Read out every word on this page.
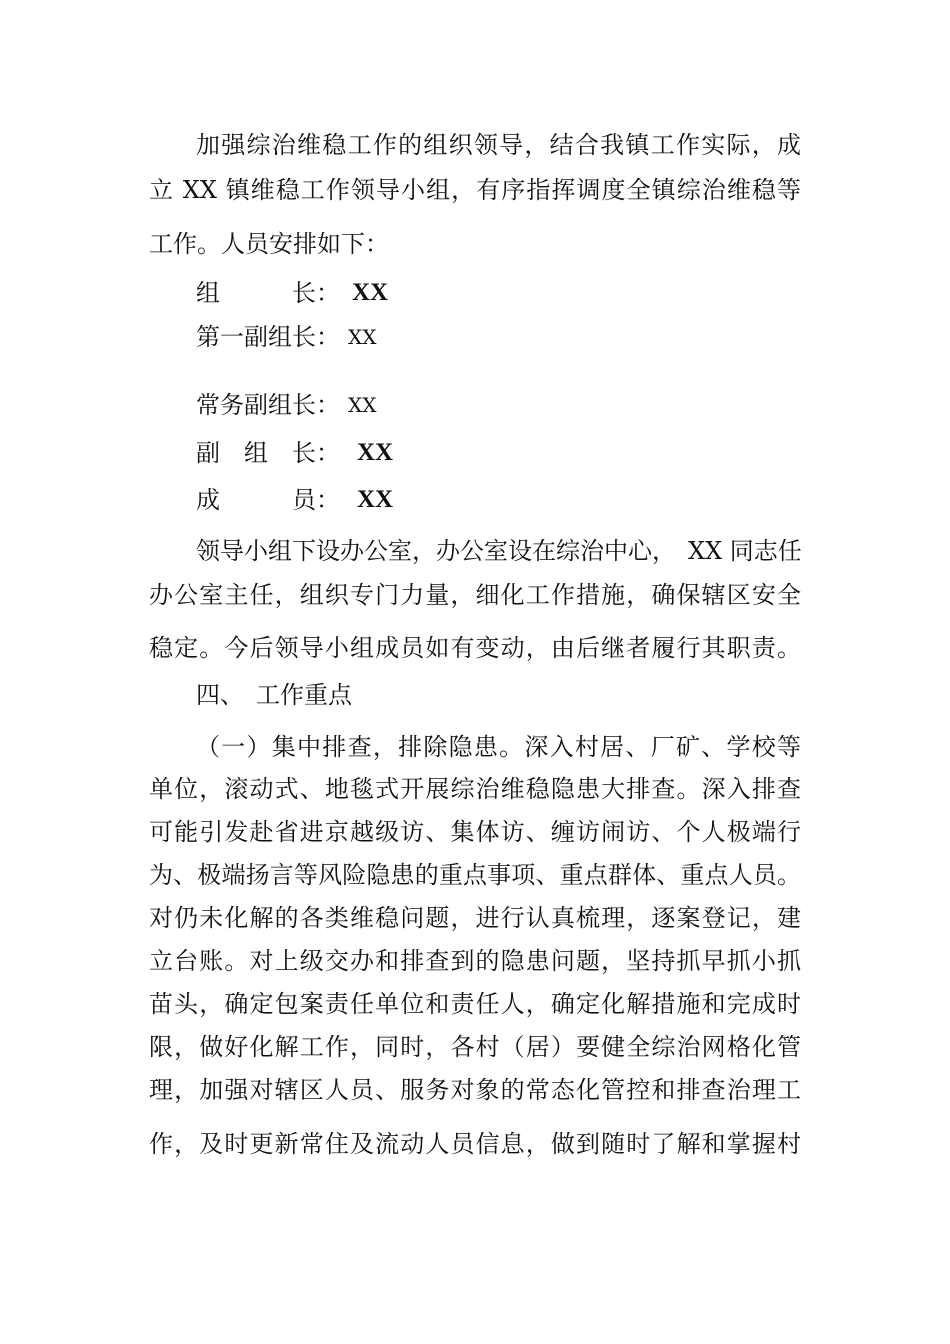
加强综治维稳工作的组织领导，结合我镇工作实际，成
立 XX 镇维稳工作领导小组，有序指挥调度全镇综治维稳等
工作。人员安排如下：
组　　　长： XX
第一副组长： XX
常务副组长： XX
副　组　长： XX
成　　　员： XX
领导小组下设办公室，办公室设在综治中心，　XX 同志任
办公室主任，组织专门力量，细化工作措施，确保辖区安全
稳定。今后领导小组成员如有变动，由后继者履行其职责。
四、　工作重点
（一）集中排查，排除隐患。深入村居、厂矿、学校等
单位，滚动式、地毯式开展综治维稳隐患大排查。深入排查
可能引发赴省进京越级访、集体访、缠访闹访、个人极端行
为、极端扬言等风险隐患的重点事项、重点群体、重点人员。
对仍未化解的各类维稳问题，进行认真梳理，逐案登记，建
立台账。对上级交办和排查到的隐患问题，坚持抓早抓小抓
苗头，确定包案责任单位和责任人，确定化解措施和完成时
限，做好化解工作，同时，各村（居）要健全综治网格化管
理，加强对辖区人员、服务对象的常态化管控和排查治理工
作，及时更新常住及流动人员信息，做到随时了解和掌握村
